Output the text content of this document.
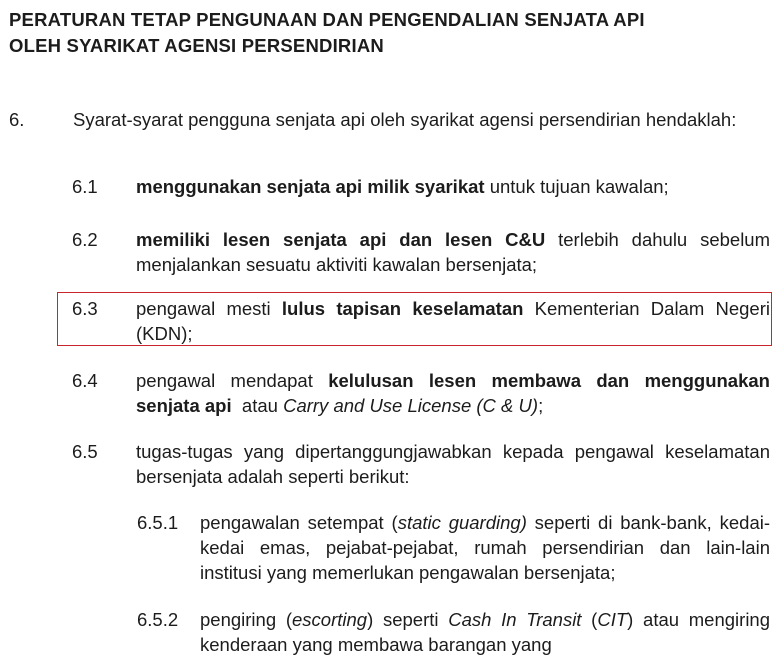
PERATURAN TETAP PENGUNAAN DAN PENGENDALIAN SENJATA API
OLEH SYARIKAT AGENSI PERSENDIRIAN
6.	Syarat-syarat pengguna senjata api oleh syarikat agensi persendirian hendaklah:
6.1 menggunakan senjata api milik syarikat untuk tujuan kawalan;
6.2 memiliki lesen senjata api dan lesen C&U terlebih dahulu sebelum menjalankan sesuatu aktiviti kawalan bersenjata;
6.3 pengawal mesti lulus tapisan keselamatan Kementerian Dalam Negeri (KDN);
6.4 pengawal mendapat kelulusan lesen membawa dan menggunakan senjata api  atau Carry and Use License (C & U);
6.5 tugas-tugas yang dipertanggungjawabkan kepada pengawal keselamatan bersenjata adalah seperti berikut:
6.5.1 pengawalan setempat (static guarding) seperti di bank-bank, kedai-kedai emas, pejabat-pejabat, rumah persendirian dan lain-lain institusi yang memerlukan pengawalan bersenjata;
6.5.2 pengiring (escorting) seperti Cash In Transit (CIT) atau mengiring kenderaan yang membawa barangan yang
